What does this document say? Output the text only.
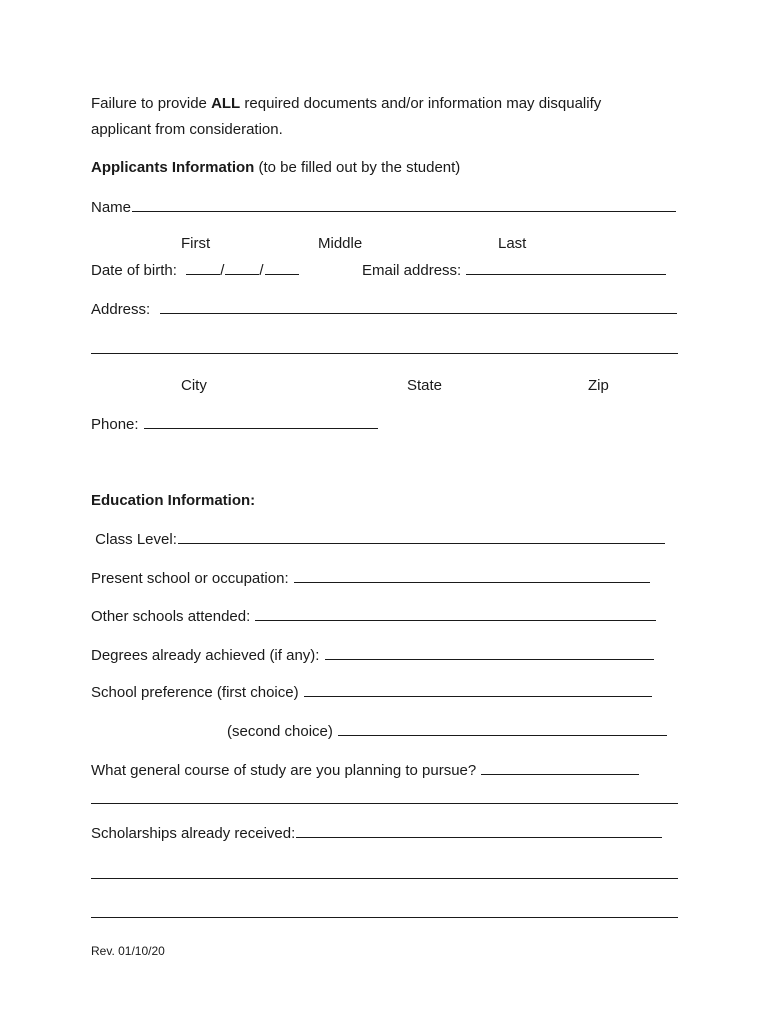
Failure to provide ALL required documents and/or information may disqualify
applicant from consideration.
Applicants Information (to be filled out by the student)
Name
First	Middle	Last
Date of birth:	/ /	Email address:
Address:
City	State	Zip
Phone:
Education Information:
Class Level:
Present school or occupation:
Other schools attended:
Degrees already achieved (if any):
School preference (first choice)
(second choice)
What general course of study are you planning to pursue?
Scholarships already received:
Rev. 01/10/20
